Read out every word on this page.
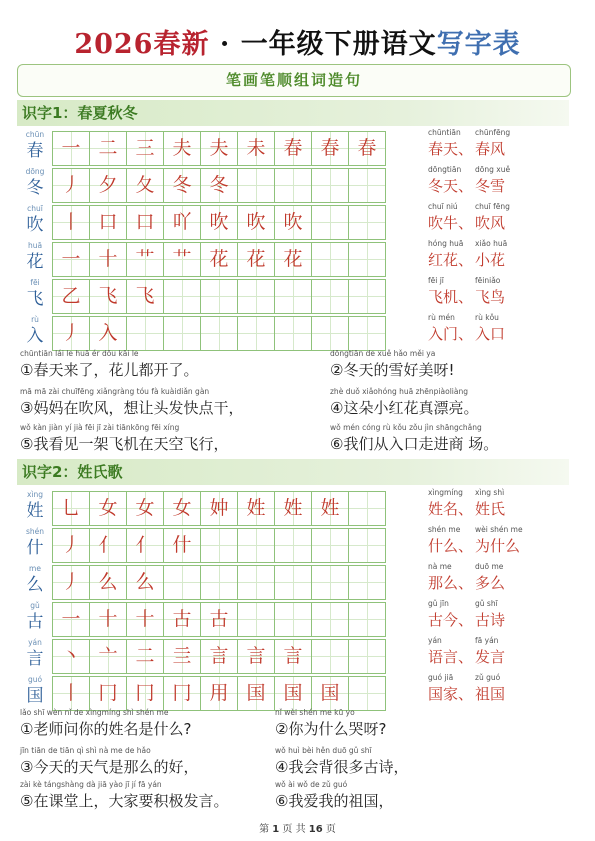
2026春新 · 一年级下册语文写字表
笔画笔顺组词造句
识字1：春夏秋冬
chūn
春 一 二 三 夫 夫 未 春 春 春
chūntiān
春天、
chūnfēng
春风
dōng
冬 丿 夕 夂 冬 冬
dōngtiān
冬天、
dōng xuě
冬雪
chuī
吹 丨 口 口 吖 吹 吹 吹
chuī niú
吹牛、
chuī fēng
吹风
huā
花 一 十 艹 艹 花 花 花
hóng huā
红花、
xiǎo huā
小花
fēi
飞 乙 飞 飞
fēi jī
飞机、
fēiniǎo
飞鸟
rù
入 丿 入
rù mén
入门、
rù kǒu
入口
chūntiān lái le huā ér dōu kāi le
①春天来了，花儿都开了。
dōngtiān de xuě hǎo měi ya
②冬天的雪好美呀!
mā mā zài chuīfēng xiǎngràng tóu fà kuàidiǎn gàn
③妈妈在吹风，想让头发快点干，
zhè duǒ xiǎohóng huā zhēnpiàoliàng
④这朵小红花真漂亮。
wǒ kàn jiàn yí jià fēi jī zài tiānkōng fēi xíng
⑤我看见一架飞机在天空飞行，
wǒ mén cóng rù kǒu zǒu jìn shāngchǎng
⑥我们从入口走进商 场。
识字2：姓氏歌
xìng
姓 乚 女 女 女 妕 姓 姓 姓
xìngmíng
姓名、
xìng shì
姓氏
shén
什 丿 亻 亻 什
shén me
什么、
wèi shén me
为什么
me
么 丿 么 么
nà me
那么、
duō me
多么
gǔ
古 一 十 十 古 古
gǔ jīn
古今、
gǔ shī
古诗
yán
言 丶 亠 二 亖 言 言 言
yán
语言、
fā yán
发言
guó
国 丨 冂 冂 冂 用 国 国 国
guó jiā
国家、
zǔ guó
祖国
lǎo shī wèn nǐ de xìngmíng shì shén me
①老师问你的姓名是什么?
nǐ wèi shén me kū yo
②你为什么哭呀?
jīn tiān de tiān qì shì nà me de hǎo
③今天的天气是那么的好，
wǒ huì bèi hěn duō gǔ shī
④我会背很多古诗，
zài kè tángshàng dà jiā yào jī jí fā yán
⑤在课堂上，大家要积极发言。
wǒ ài wǒ de zǔ guó
⑥我爱我的祖国，
第 1 页 共 16 页
